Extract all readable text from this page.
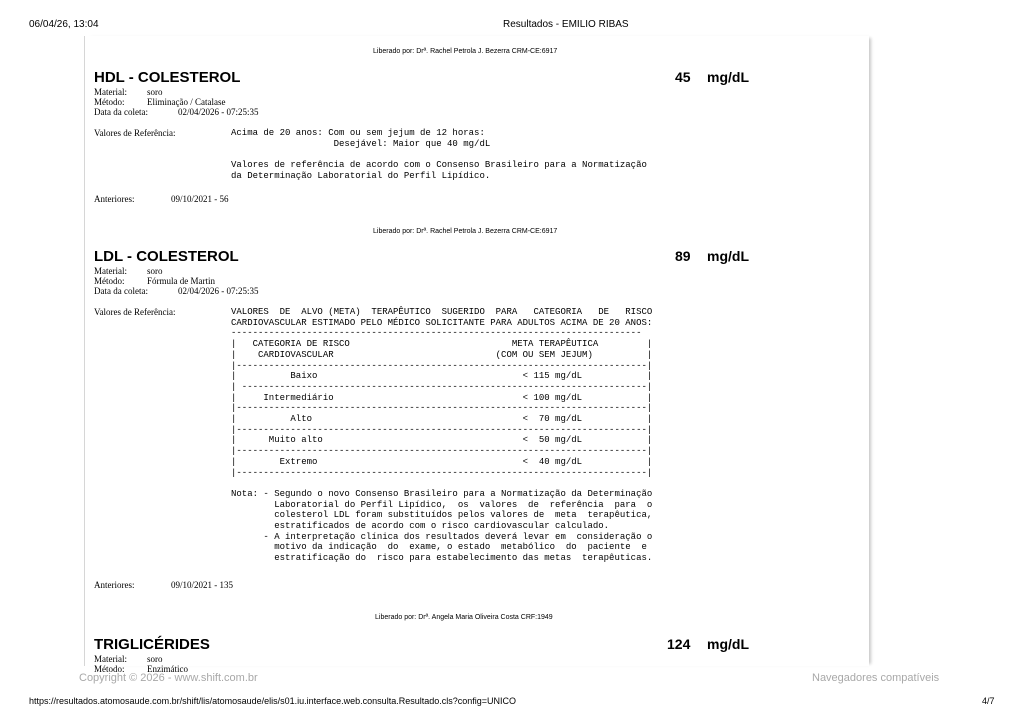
06/04/26, 13:04	Resultados - EMILIO RIBAS
Liberado por: Drª. Rachel Petrola J. Bezerra CRM-CE:6917
HDL - COLESTEROL	45 mg/dL
Material: soro
Método:	Eliminação / Catalase
Data da coleta:	02/04/2026 - 07:25:35
Valores de Referência:	Acima de 20 anos: Com ou sem jejum de 12 horas:
Desejável: Maior que 40 mg/dL

Valores de referência de acordo com o Consenso Brasileiro para a Normatização
da Determinação Laboratorial do Perfil Lipídico.
Anteriores:	09/10/2021 - 56
Liberado por: Drª. Rachel Petrola J. Bezerra CRM-CE:6917
LDL - COLESTEROL	89 mg/dL
Material: soro
Método:	Fórmula de Martin
Data da coleta:	02/04/2026 - 07:25:35
Valores de Referência:	VALORES  DE  ALVO (META)  TERAPÊUTICO  SUGERIDO  PARA   CATEGORIA   DE   RISCO
CARDIOVASCULAR ESTIMADO PELO MÉDICO SOLICITANTE PARA ADULTOS ACIMA DE 20 ANOS:
----------------------------------------------------------------------------
|   CATEGORIA DE RISCO                              META TERAPÊUTICA         |
|    CARDIOVASCULAR                              (COM OU SEM JEJUM)          |
|----------------------------------------------------------------------------|
|          Baixo                                      < 115 mg/dL            |
| ---------------------------------------------------------------------------|
|     Intermediário                                   < 100 mg/dL            |
|----------------------------------------------------------------------------|
|          Alto                                       <  70 mg/dL            |
|----------------------------------------------------------------------------|
|      Muito alto                                     <  50 mg/dL            |
|----------------------------------------------------------------------------|
|        Extremo                                      <  40 mg/dL            |
|----------------------------------------------------------------------------|

Nota: - Segundo o novo Consenso Brasileiro para a Normatização da Determinação
Laboratorial do Perfil Lipídico,  os  valores  de  referência  para  o
colesterol LDL foram substituídos pelos valores de  meta  terapêutica,
estratificados de acordo com o risco cardiovascular calculado.
- A interpretação clínica dos resultados deverá levar em  consideração o
motivo da indicação  do  exame, o estado  metabólico  do  paciente  e
estratificação do  risco para estabelecimento das metas  terapêuticas.
Anteriores:	09/10/2021 - 135
Liberado por: Drª. Angela Maria Oliveira Costa CRF:1949
TRIGLICÉRIDES	124 mg/dL
Material: soro
Método:	Enzimático
Copyright © 2026 - www.shift.com.br	Navegadores compatíveis
https://resultados.atomosaude.com.br/shift/lis/atomosaude/elis/s01.iu.interface.web.consulta.Resultado.cls?config=UNICO	4/7
